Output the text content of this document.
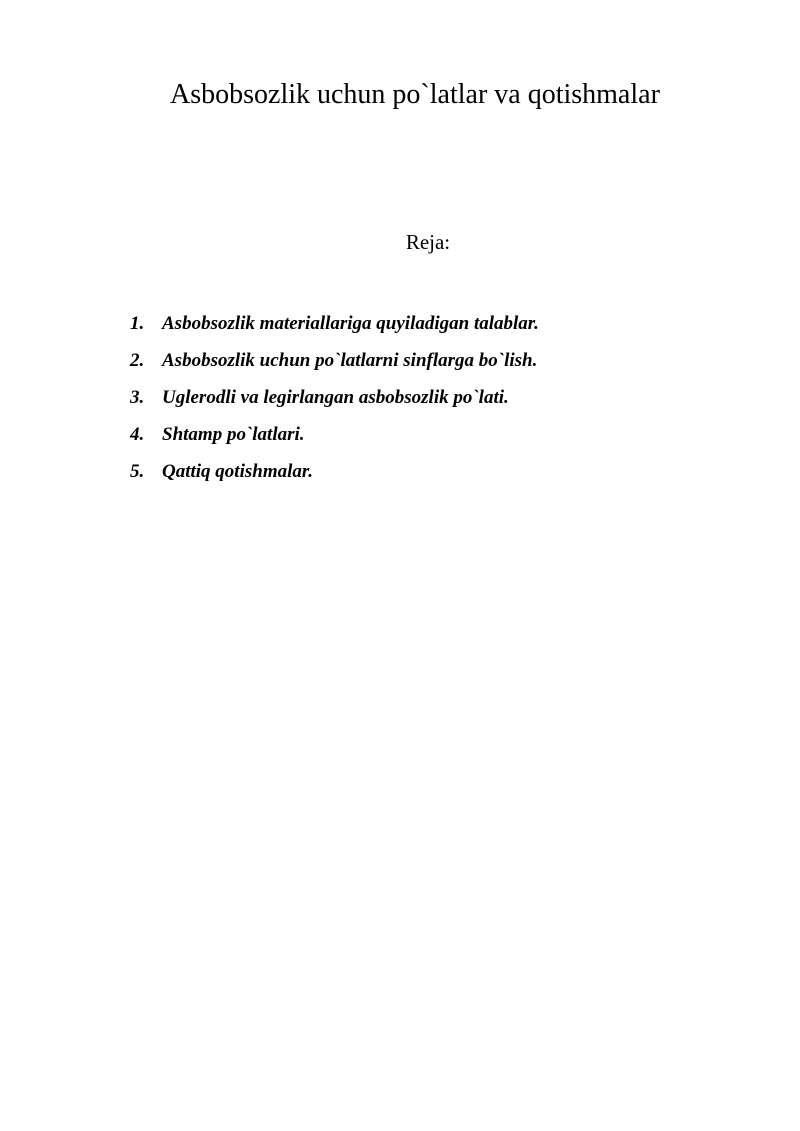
Asbobsozlik uchun po`latlar va qotishmalar
Reja:
1. Asbobsozlik materiallariga quyiladigan talablar.
2. Asbobsozlik uchun po`latlarni sinflarga bo`lish.
3. Uglerodli va legirlangan asbobsozlik po`lati.
4. Shtamp po`latlari.
5. Qattiq qotishmalar.
